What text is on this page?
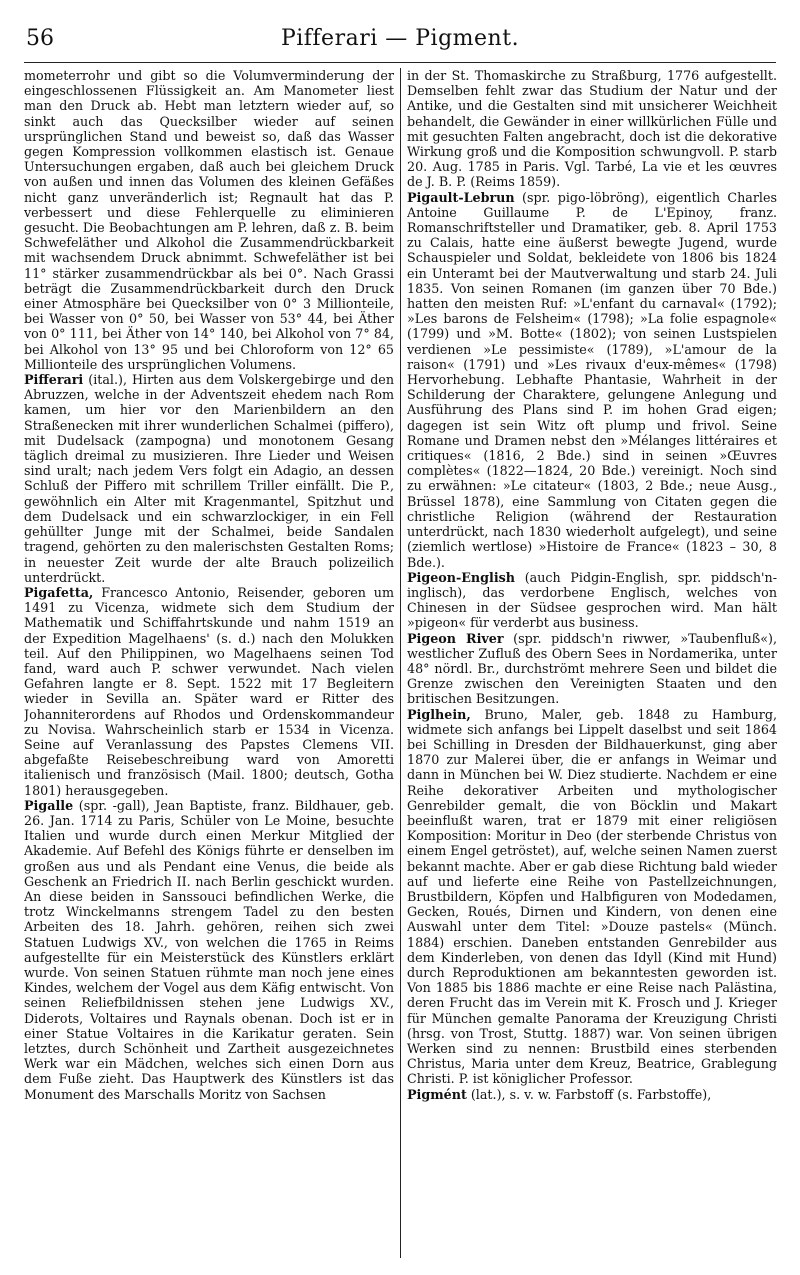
56	Pifferari — Pigment.

mometerrohr und gibt so die Volumverminderung der eingeschlossenen Flüssigkeit an. Am Manometer liest man den Druck ab. Hebt man letztern wieder auf, so sinkt auch das Quecksilber wieder auf seinen ursprünglichen Stand und beweist so, daß das Wasser gegen Kompression vollkommen elastisch ist. Genaue Untersuchungen ergaben, daß auch bei gleichem Druck von außen und innen das Volumen des kleinen Gefäßes nicht ganz unveränderlich ist; Regnault hat das P. verbessert und diese Fehlerquelle zu eliminieren gesucht. Die Beobachtungen am P. lehren, daß z. B. beim Schwefeläther und Alkohol die Zusammendrückbarkeit mit wachsendem Druck abnimmt. Schwefeläther ist bei 11° stärker zusammendrückbar als bei 0°. Nach Grassi beträgt die Zusammendrückbarkeit durch den Druck einer Atmosphäre bei Quecksilber von 0° 3 Millionteile, bei Wasser von 0° 50, bei Wasser von 53° 44, bei Äther von 0° 111, bei Äther von 14° 140, bei Alkohol von 7° 84, bei Alkohol von 13° 95 und bei Chloroform von 12° 65 Millionteile des ursprünglichen Volumens.

Pifferari (ital.), Hirten aus dem Volskergebirge und den Abruzzen, welche in der Adventszeit ehedem nach Rom kamen, um hier vor den Marienbildern an den Straßenecken mit ihrer wunderlichen Schalmei (piffero), mit Dudelsack (zampogna) und monotonem Gesang täglich dreimal zu musizieren. Ihre Lieder und Weisen sind uralt; nach jedem Vers folgt ein Adagio, an dessen Schluß der Piffero mit schrillem Triller einfällt. Die P., gewöhnlich ein Alter mit Kragenmantel, Spitzhut und dem Dudelsack und ein schwarzlockiger, in ein Fell gehüllter Junge mit der Schalmei, beide Sandalen tragend, gehörten zu den malerischsten Gestalten Roms; in neuester Zeit wurde der alte Brauch polizeilich unterdrückt.

Pigafetta, Francesco Antonio, Reisender, geboren um 1491 zu Vicenza, widmete sich dem Studium der Mathematik und Schiffahrtskunde und nahm 1519 an der Expedition Magelhaens' (s. d.) nach den Molukken teil. Auf den Philippinen, wo Magelhaens seinen Tod fand, ward auch P. schwer verwundet. Nach vielen Gefahren langte er 8. Sept. 1522 mit 17 Begleitern wieder in Sevilla an. Später ward er Ritter des Johanniterordens auf Rhodos und Ordenskommandeur zu Novisa. Wahrscheinlich starb er 1534 in Vicenza. Seine auf Veranlassung des Papstes Clemens VII. abgefaßte Reisebeschreibung ward von Amoretti italienisch und französisch (Mail. 1800; deutsch, Gotha 1801) herausgegeben.

Pigalle (spr. -gall), Jean Baptiste, franz. Bildhauer, geb. 26. Jan. 1714 zu Paris, Schüler von Le Moine, besuchte Italien und wurde durch einen Merkur Mitglied der Akademie. Auf Befehl des Königs führte er denselben im großen aus und als Pendant eine Venus, die beide als Geschenk an Friedrich II. nach Berlin geschickt wurden. An diese beiden in Sanssouci befindlichen Werke, die trotz Winckelmanns strengem Tadel zu den besten Arbeiten des 18. Jahrh. gehören, reihen sich zwei Statuen Ludwigs XV., von welchen die 1765 in Reims aufgestellte für ein Meisterstück des Künstlers erklärt wurde. Von seinen Statuen rühmte man noch jene eines Kindes, welchem der Vogel aus dem Käfig entwischt. Von seinen Reliefbildnissen stehen jene Ludwigs XV., Diderots, Voltaires und Raynals obenan. Doch ist er in einer Statue Voltaires in die Karikatur geraten. Sein letztes, durch Schönheit und Zartheit ausgezeichnetes Werk war ein Mädchen, welches sich einen Dorn aus dem Fuße zieht. Das Hauptwerk des Künstlers ist das Monument des Marschalls Moritz von Sachsen

in der St. Thomaskirche zu Straßburg, 1776 aufgestellt. Demselben fehlt zwar das Studium der Natur und der Antike, und die Gestalten sind mit unsicherer Weichheit behandelt, die Gewänder in einer willkürlichen Fülle und mit gesuchten Falten angebracht, doch ist die dekorative Wirkung groß und die Komposition schwungvoll. P. starb 20. Aug. 1785 in Paris. Vgl. Tarbé, La vie et les œuvres de J. B. P. (Reims 1859).

Pigault-Lebrun (spr. pigo-löbröng), eigentlich Charles Antoine Guillaume P. de L'Epinoy, franz. Romanschriftsteller und Dramatiker, geb. 8. April 1753 zu Calais, hatte eine äußerst bewegte Jugend, wurde Schauspieler und Soldat, bekleidete von 1806 bis 1824 ein Unteramt bei der Mautverwaltung und starb 24. Juli 1835. Von seinen Romanen (im ganzen über 70 Bde.) hatten den meisten Ruf: »L'enfant du carnaval« (1792); »Les barons de Felsheim« (1798); »La folie espagnole« (1799) und »M. Botte« (1802); von seinen Lustspielen verdienen »Le pessimiste« (1789), »L'amour de la raison« (1791) und »Les rivaux d'eux-mêmes« (1798) Hervorhebung. Lebhafte Phantasie, Wahrheit in der Schilderung der Charaktere, gelungene Anlegung und Ausführung des Plans sind P. im hohen Grad eigen; dagegen ist sein Witz oft plump und frivol. Seine Romane und Dramen nebst den »Mélanges littéraires et critiques« (1816, 2 Bde.) sind in seinen »Œuvres complètes« (1822—1824, 20 Bde.) vereinigt. Noch sind zu erwähnen: »Le citateur« (1803, 2 Bde.; neue Ausg., Brüssel 1878), eine Sammlung von Citaten gegen die christliche Religion (während der Restauration unterdrückt, nach 1830 wiederholt aufgelegt), und seine (ziemlich wertlose) »Histoire de France« (1823 – 30, 8 Bde.).

Pigeon-English (auch Pidgin-English, spr. piddsch'n-inglisch), das verdorbene Englisch, welches von Chinesen in der Südsee gesprochen wird. Man hält »pigeon« für verderbt aus business.

Pigeon River (spr. piddsch'n riwwer, »Taubenfluß«), westlicher Zufluß des Obern Sees in Nordamerika, unter 48° nördl. Br., durchströmt mehrere Seen und bildet die Grenze zwischen den Vereinigten Staaten und den britischen Besitzungen.

Piglhein, Bruno, Maler, geb. 1848 zu Hamburg, widmete sich anfangs bei Lippelt daselbst und seit 1864 bei Schilling in Dresden der Bildhauerkunst, ging aber 1870 zur Malerei über, die er anfangs in Weimar und dann in München bei W. Diez studierte. Nachdem er eine Reihe dekorativer Arbeiten und mythologischer Genrebilder gemalt, die von Böcklin und Makart beeinflußt waren, trat er 1879 mit einer religiösen Komposition: Moritur in Deo (der sterbende Christus von einem Engel getröstet), auf, welche seinen Namen zuerst bekannt machte. Aber er gab diese Richtung bald wieder auf und lieferte eine Reihe von Pastellzeichnungen, Brustbildern, Köpfen und Halbfiguren von Modedamen, Gecken, Roués, Dirnen und Kindern, von denen eine Auswahl unter dem Titel: »Douze pastels« (Münch. 1884) erschien. Daneben entstanden Genrebilder aus dem Kinderleben, von denen das Idyll (Kind mit Hund) durch Reproduktionen am bekanntesten geworden ist. Von 1885 bis 1886 machte er eine Reise nach Palästina, deren Frucht das im Verein mit K. Frosch und J. Krieger für München gemalte Panorama der Kreuzigung Christi (hrsg. von Trost, Stuttg. 1887) war. Von seinen übrigen Werken sind zu nennen: Brustbild eines sterbenden Christus, Maria unter dem Kreuz, Beatrice, Grablegung Christi. P. ist königlicher Professor.

Pigmént (lat.), s. v. w. Farbstoff (s. Farbstoffe),
